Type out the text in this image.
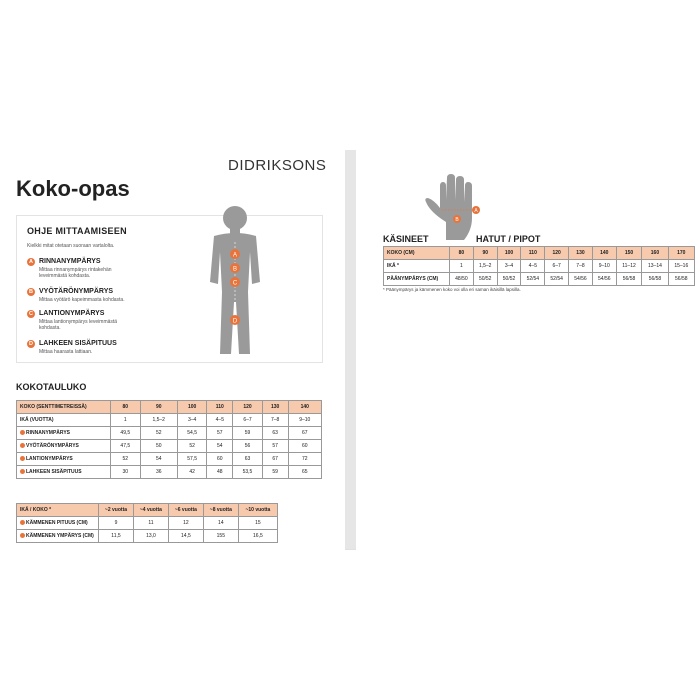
DIDRIKSONS
Koko-opas
OHJE MITTAAMISEEN
Kielkki mitat otetaan suoraan vartalolta.
A RINNANYMPÄRYS
Mittaa rinnanympärys rintakehän leveimmästä kohdasta.
B VYÖTÄRÖNYMPÄRYS
Mittaa vyötärö kapeimmasta kohdasta.
C LANTIONYMPÄRYS
Mittaa lantionympärys leveimmästä kohdasta.
D LAHKEEN SISÄPITUUS
Mittaa haarasta lattiaan.
A
B
C
D
KOKOTAULUKO
KOKO (SENTTIMETREISSÄ)	80	90	100	110	120	130	140
IKÄ (VUOTTA)	1	1,5–2	3–4	4–5	6–7	7–8	9–10
RINNANYMPÄRYS	49,5	52	54,5	57	59	63	67
VYÖTÄRÖNYMPÄRYS	47,5	50	52	54	56	57	60
LANTIONYMPÄRYS	52	54	57,5	60	63	67	72
LAHKEEN SISÄPITUUS	30	36	42	48	53,5	59	65
IKÄ / KOKO *	~2 vuotta	~4 vuotta	~6 vuotta	~8 vuotta	~10 vuotta
KÄMMENEN PITUUS (CM)	9	11	12	14	15
KÄMMENEN YMPÄRYS (CM)	11,5	13,0	14,5	155	16,5
A
B
KÄSINEET	HATUT / PIPOT
KOKO (CM)	80	90	100	110	120	130	140	150	160	170
IKÄ *	1	1,5–2	3–4	4–5	6–7	7–8	9–10	11–12	13–14	15–16
PÄÄNYMPÄRYS (CM)	48/50	50/52	50/52	52/54	52/54	54/56	54/56	56/58	56/58	56/58
* Päänympärys ja kämmenen koko voi olla eri saman ikäisillä lapsilla.
